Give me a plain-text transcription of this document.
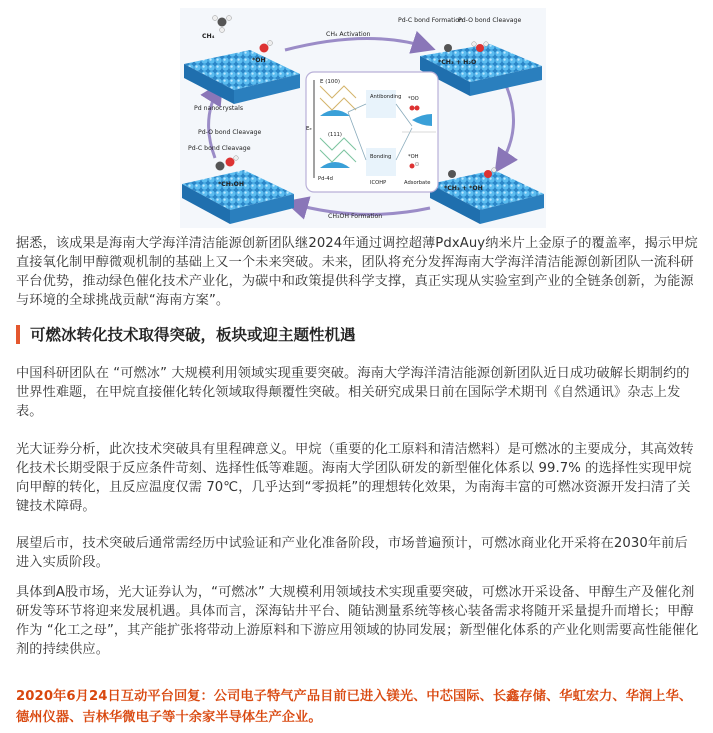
CH₄
*OH
Pd nanocrystals
CH₄ Activation
Pd-C bond Formation
Pd-O bond Cleavage
*CH₃ + H₂O
E (100)
Eₑ
Antibonding *OO
(111)
Bonding	*OH
Pd-4d
ICOHP	Adsorbate
Pd-O bond Cleavage
Pd-C bond Cleavage
*CH₃OH
*CH₃ + *OH
CH₃OH Formation

据悉，该成果是海南大学海洋清洁能源创新团队继2024年通过调控超薄PdxAuy纳米片上金原子的覆盖率，揭示甲烷直接氧化制甲醇微观机制的基础上又一个未来突破。未来，团队将充分发挥海南大学海洋清洁能源创新团队一流科研平台优势，推动绿色催化技术产业化，为碳中和政策提供科学支撑，真正实现从实验室到产业的全链条创新，为能源与环境的全球挑战贡献“海南方案”。

可燃冰转化技术取得突破，板块或迎主题性机遇

中国科研团队在 “可燃冰” 大规模利用领域实现重要突破。海南大学海洋清洁能源创新团队近日成功破解长期制约的世界性难题，在甲烷直接催化转化领域取得颠覆性突破。相关研究成果日前在国际学术期刊《自然通讯》杂志上发表。

光大证券分析，此次技术突破具有里程碑意义。甲烷（重要的化工原料和清洁燃料）是可燃冰的主要成分，其高效转化技术长期受限于反应条件苛刻、选择性低等难题。海南大学团队研发的新型催化体系以 99.7% 的选择性实现甲烷向甲醇的转化，且反应温度仅需 70℃，几乎达到“零损耗”的理想转化效果，为南海丰富的可燃冰资源开发扫清了关键技术障碍。

展望后市，技术突破后通常需经历中试验证和产业化准备阶段，市场普遍预计，可燃冰商业化开采将在2030年前后进入实质阶段。

具体到A股市场，光大证券认为，“可燃冰” 大规模利用领域技术实现重要突破，可燃冰开采设备、甲醇生产及催化剂研发等环节将迎来发展机遇。具体而言，深海钻井平台、随钻测量系统等核心装备需求将随开采量提升而增长；甲醇作为 “化工之母”，其产能扩张将带动上游原料和下游应用领域的协同发展；新型催化体系的产业化则需要高性能催化剂的持续供应。

2020年6月24日互动平台回复：公司电子特气产品目前已进入镁光、中芯国际、长鑫存储、华虹宏力、华润上华、德州仪器、吉林华微电子等十余家半导体生产企业。
